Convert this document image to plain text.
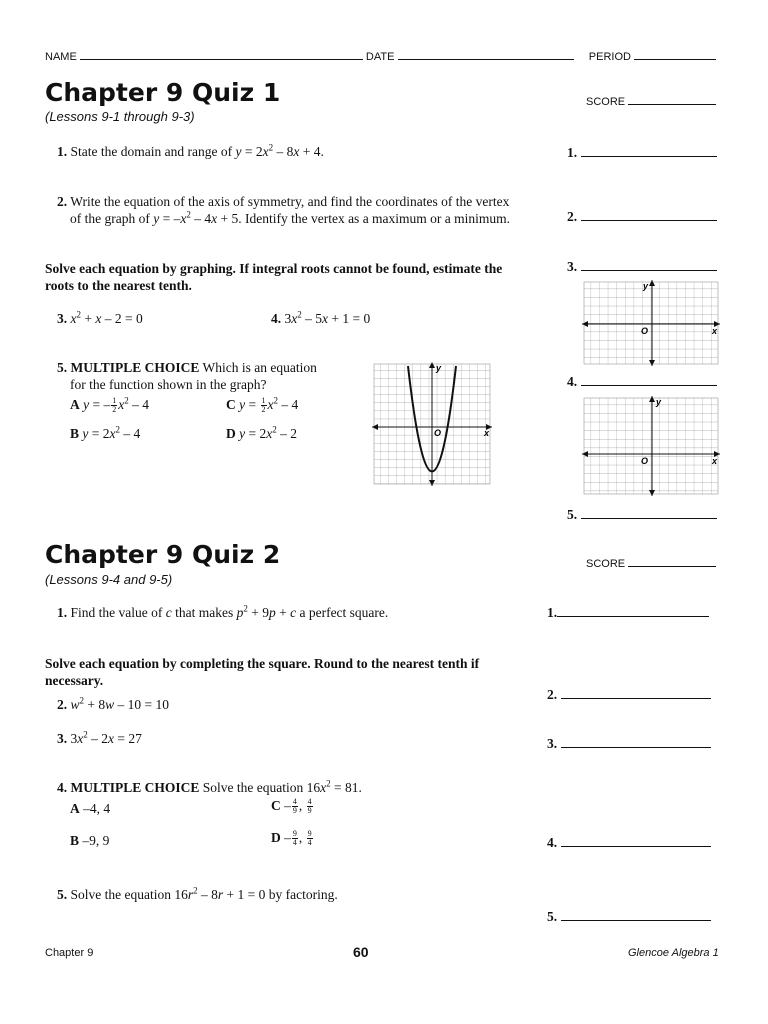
NAME	DATE	PERIOD
Chapter 9 Quiz 1
(Lessons 9-1 through 9-3)
SCORE
1. State the domain and range of $y = 2x^2 - 8x + 4$.
2. Write the equation of the axis of symmetry, and find the coordinates of the vertex
of the graph of $y = -x^2 - 4x + 5$. Identify the vertex as a maximum or a minimum.
Solve each equation by graphing. If integral roots cannot be found, estimate the roots to the nearest tenth.
3. $x^2 + x - 2 = 0$	4. $3x^2 - 5x + 1 = 0$
5. MULTIPLE CHOICE Which is an equation
for the function shown in the graph?
A y = – $\frac{1}{2} x^2 - 4$	C $y = \frac{1}{2} x^2 - 4$
B $y = 2x^2 - 4$	D $y = 2x^2 - 2$
y
x
O
y
x
O
y
x
O
1.
2.
3.
4.
5.
Chapter 9 Quiz 2
(Lessons 9-4 and 9-5)
SCORE
1. Find the value of c that makes $p^2 + 9p + c$ a perfect square.
Solve each equation by completing the square. Round to the nearest tenth if necessary.
2. $w^2 + 8w - 10 = 10$
3. $3x^2 - 2x = 27$
4. MULTIPLE CHOICE Solve the equation $16x^2 = 81$.
A –4, 4	C – $\frac{4}{9}$ , $\frac{4}{9}$
B –9, 9	D – $\frac{9}{4}$ , $\frac{9}{4}$
5. Solve the equation $16r^2 - 8r + 1 = 0$ by factoring.
1.
2.
3.
4.
5.
Chapter 9	60	Glencoe Algebra 1
